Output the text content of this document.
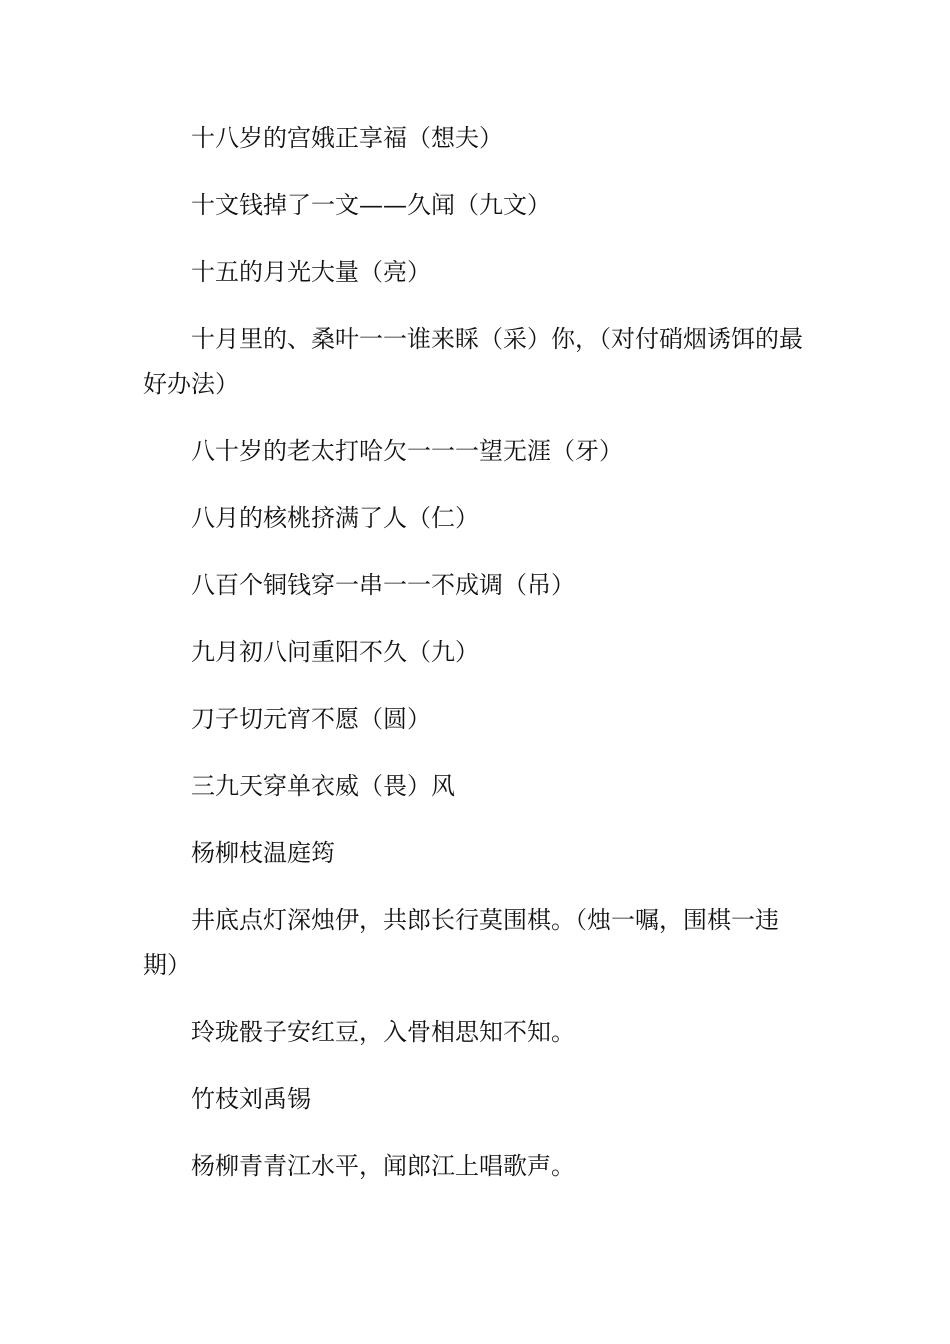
十八岁的宫娥正享福（想夫）

十文钱掉了一文——久闻（九文）

十五的月光大量（亮）

十月里的、桑叶一一谁来睬（采）你，（对付硝烟诱饵的最好办法）

八十岁的老太打哈欠一一一望无涯（牙）

八月的核桃挤满了人（仁）

八百个铜钱穿一串一一不成调（吊）

九月初八问重阳不久（九）

刀子切元宵不愿（圆）

三九天穿单衣威（畏）风

杨柳枝温庭筠

井底点灯深烛伊，共郎长行莫围棋。（烛一嘱，围棋一违期）

玲珑骰子安红豆，入骨相思知不知。

竹枝刘禹锡

杨柳青青江水平，闻郎江上唱歌声。
